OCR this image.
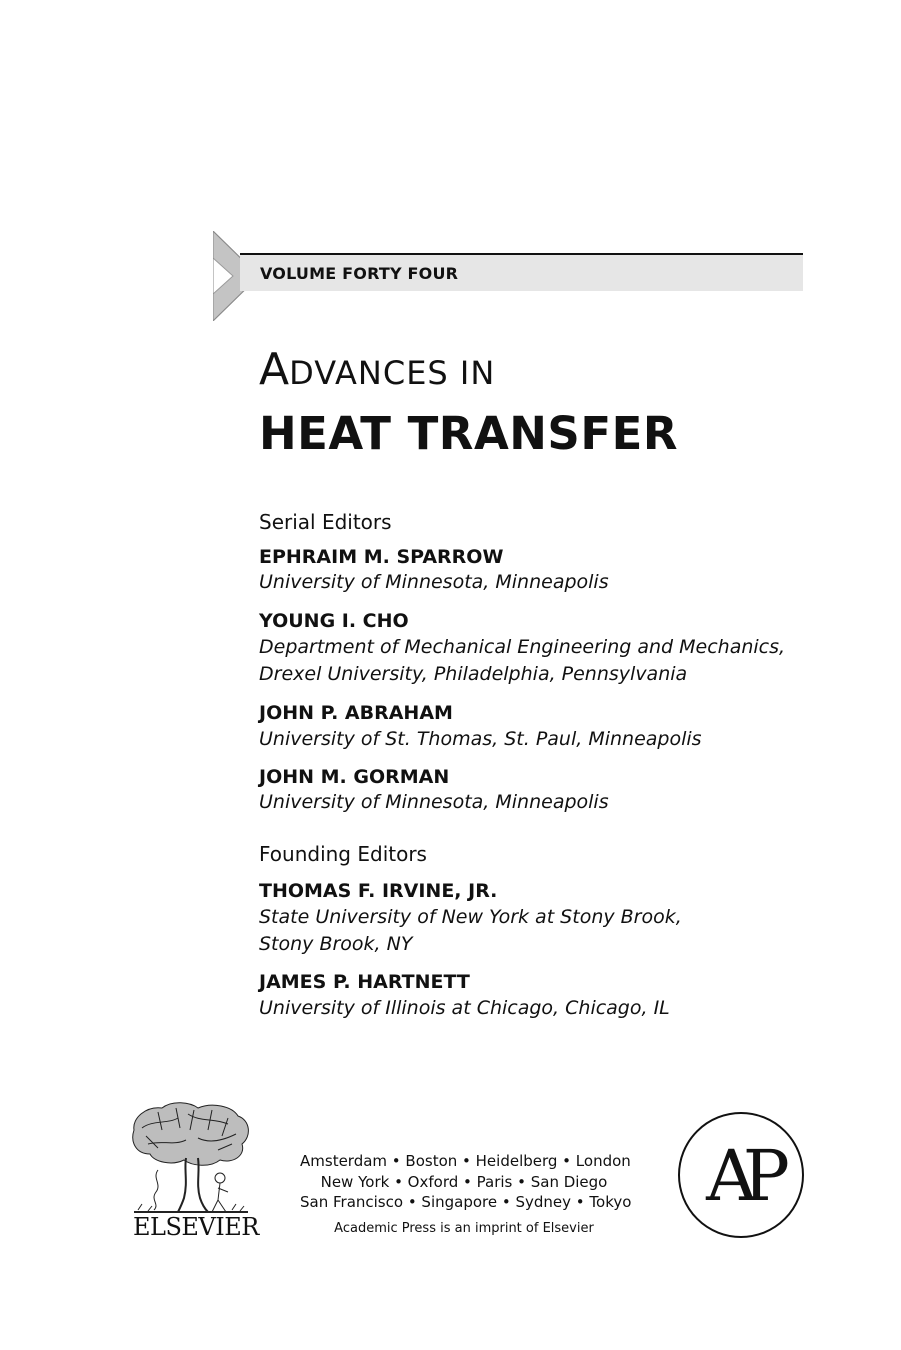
VOLUME FORTY FOUR
ADVANCES IN
HEAT TRANSFER
Serial Editors
EPHRAIM M. SPARROW
University of Minnesota, Minneapolis
YOUNG I. CHO
Department of Mechanical Engineering and Mechanics,
Drexel University, Philadelphia, Pennsylvania
JOHN P. ABRAHAM
University of St. Thomas, St. Paul, Minneapolis
JOHN M. GORMAN
University of Minnesota, Minneapolis
Founding Editors
THOMAS F. IRVINE, JR.
State University of New York at Stony Brook,
Stony Brook, NY
JAMES P. HARTNETT
University of Illinois at Chicago, Chicago, IL
ELSEVIER
Amsterdam • Boston • Heidelberg • London
New York • Oxford • Paris • San Diego
San Francisco • Singapore • Sydney • Tokyo
Academic Press is an imprint of Elsevier
AP
